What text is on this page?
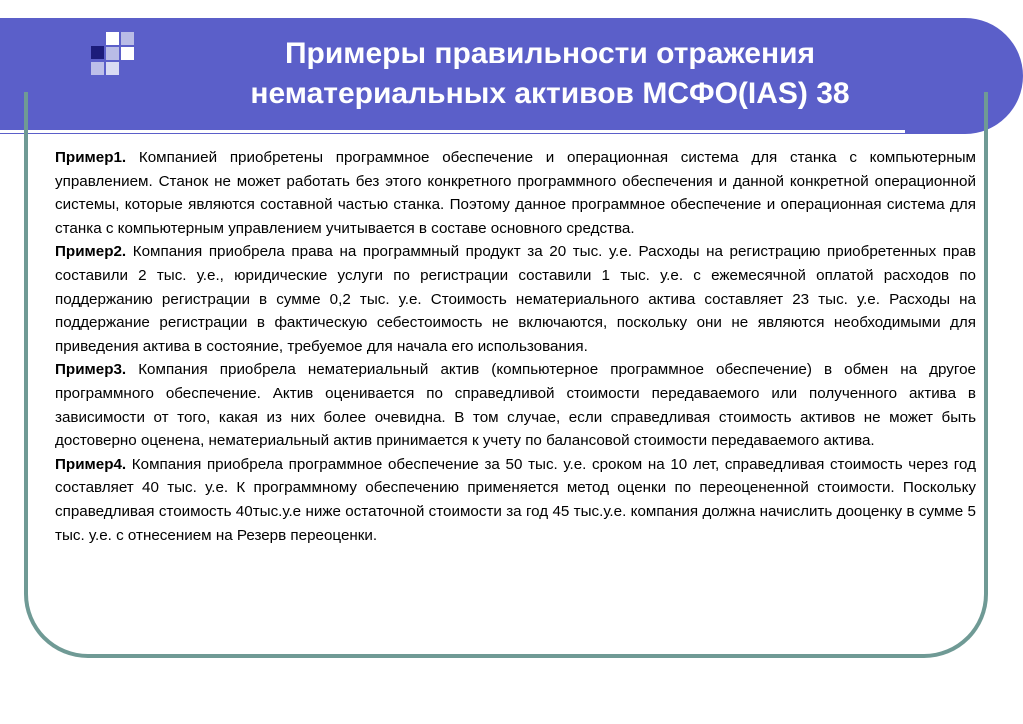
Примеры правильности отражения
нематериальных активов МСФО(IAS) 38

Пример1. Компанией приобретены программное обеспечение и операционная система для станка с компьютерным управлением. Станок не может работать без этого конкретного программного обеспечения и данной конкретной операционной системы, которые являются составной частью станка. Поэтому данное программное обеспечение и операционная система для станка с компьютерным управлением учитывается в составе основного средства.

Пример2. Компания приобрела права на программный продукт за 20 тыс. у.е. Расходы на регистрацию приобретенных прав составили 2 тыс. у.е., юридические услуги по регистрации составили 1 тыс. у.е. с ежемесячной оплатой расходов по поддержанию регистрации в сумме 0,2 тыс. у.е. Стоимость нематериального актива составляет 23 тыс. у.е. Расходы на поддержание регистрации в фактическую себестоимость не включаются, поскольку они не являются необходимыми для приведения актива в состояние, требуемое для начала его использования.

Пример3. Компания приобрела нематериальный актив (компьютерное программное обеспечение) в обмен на другое программного обеспечение. Актив оценивается по справедливой стоимости передаваемого или полученного актива в зависимости от того, какая из них более очевидна. В том случае, если справедливая стоимость активов не может быть достоверно оценена, нематериальный актив принимается к учету по балансовой стоимости передаваемого актива.

Пример4. Компания приобрела программное обеспечение за 50 тыс. у.е. сроком на 10 лет, справедливая стоимость через год составляет 40 тыс. у.е. К программному обеспечению применяется метод оценки по переоцененной стоимости. Поскольку справедливая стоимость 40тыс.у.е ниже остаточной стоимости за год 45 тыс.у.е. компания должна начислить дооценку в сумме 5 тыс. у.е. с отнесением на Резерв переоценки.
